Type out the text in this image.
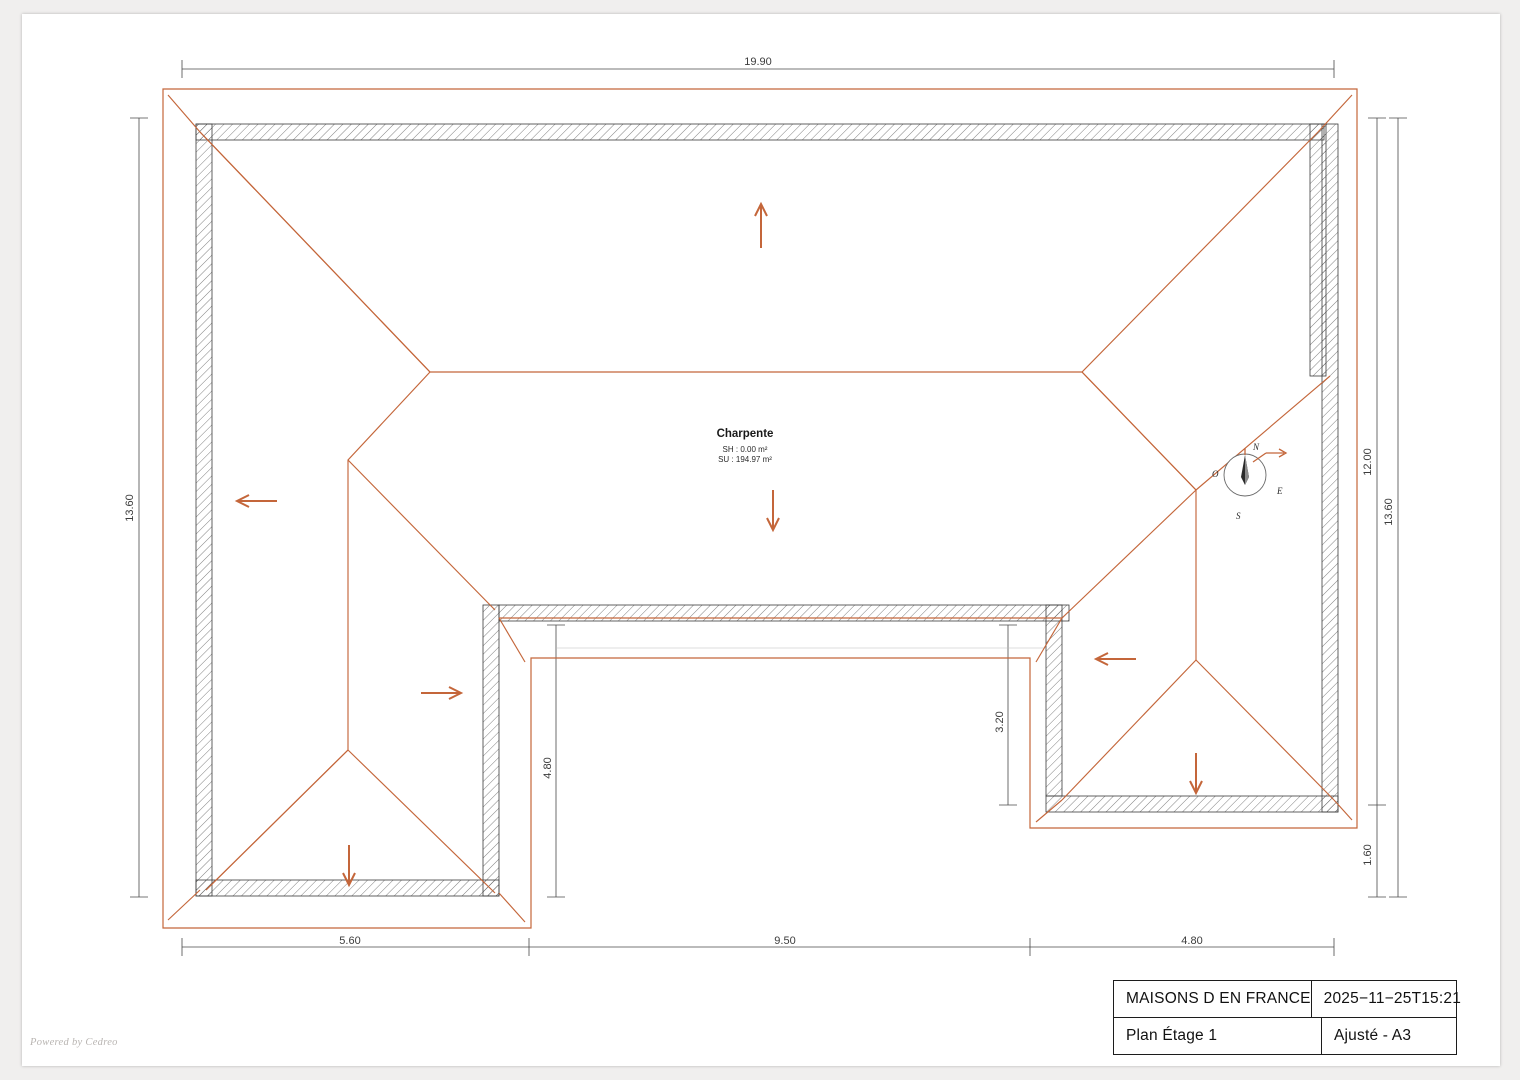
19.90
13.60
12.00
13.60
1.60
5.60	9.50	4.80
4.80
3.20
Charpente
SH : 0.00 m²
SU : 194.97 m²
N
E
S
O
MAISONS D EN FRANCE 2025−11−25T15:21
Plan Étage 1	Ajusté - A3
Powered by Cedreo
